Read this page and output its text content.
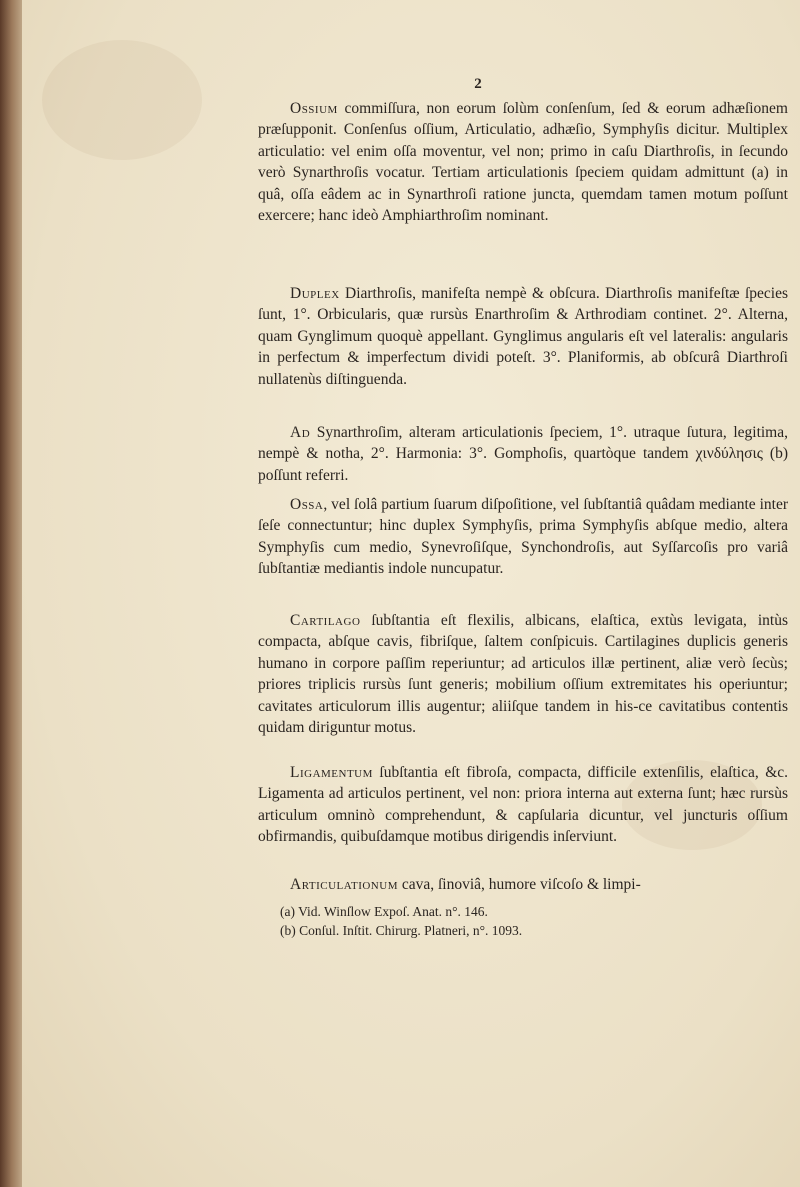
2

Ossium commiſſura, non eorum ſolùm conſenſum, ſed & eorum adhæſionem præſupponit. Conſenſus oſſium, Articulatio, adhæſio, Symphyſis dicitur. Multiplex articulatio: vel enim oſſa moventur, vel non; primo in caſu Diarthroſis, in ſecundo verò Synarthroſis vocatur. Tertiam articulationis ſpeciem quidam admittunt (a) in quâ, oſſa eâdem ac in Synarthroſi ratione juncta, quemdam tamen motum poſſunt exercere; hanc ideò Amphiarthroſim nominant.

Duplex Diarthroſis, manifeſta nempè & obſcura. Diarthroſis manifeſtæ ſpecies ſunt, 1°. Orbicularis, quæ rursùs Enarthroſim & Arthrodiam continet. 2°. Alterna, quam Gynglimum quoquè appellant. Gynglimus angularis eſt vel lateralis: angularis in perfectum & imperfectum dividi poteſt. 3°. Planiformis, ab obſcurâ Diarthroſi nullatenùs diſtinguenda.

Ad Synarthroſim, alteram articulationis ſpeciem, 1°. utraque ſutura, legitima, nempè & notha, 2°. Harmonia: 3°. Gomphoſis, quartòque tandem χινδύλησις (b) poſſunt referri.

Ossa, vel ſolâ partium ſuarum diſpoſitione, vel ſubſtantiâ quâdam mediante inter ſeſe connectuntur; hinc duplex Symphyſis, prima Symphyſis abſque medio, altera Symphyſis cum medio, Synevroſiſque, Synchondroſis, aut Syſſarcoſis pro variâ ſubſtantiæ mediantis indole nuncupatur.

Cartilago ſubſtantia eſt flexilis, albicans, elaſtica, extùs levigata, intùs compacta, abſque cavis, fibriſque, ſaltem conſpicuis. Cartilagines duplicis generis humano in corpore paſſim reperiuntur; ad articulos illæ pertinent, aliæ verò ſecùs; priores triplicis rursùs ſunt generis; mobilium oſſium extremitates his operiuntur; cavitates articulorum illis augentur; aliiſque tandem in his-ce cavitatibus contentis quidam diriguntur motus.

Ligamentum ſubſtantia eſt fibroſa, compacta, difficile extenſilis, elaſtica, &c. Ligamenta ad articulos pertinent, vel non: priora interna aut externa ſunt; hæc rursùs articulum omninò comprehendunt, & capſularia dicuntur, vel juncturis oſſium obfirmandis, quibuſdamque motibus dirigendis inſerviunt.

Articulationum cava, ſinoviâ, humore viſcoſo & limpi-

(a) Vid. Winſlow Expoſ. Anat. n°. 146.
(b) Conſul. Inſtit. Chirurg. Platneri, n°. 1093.
